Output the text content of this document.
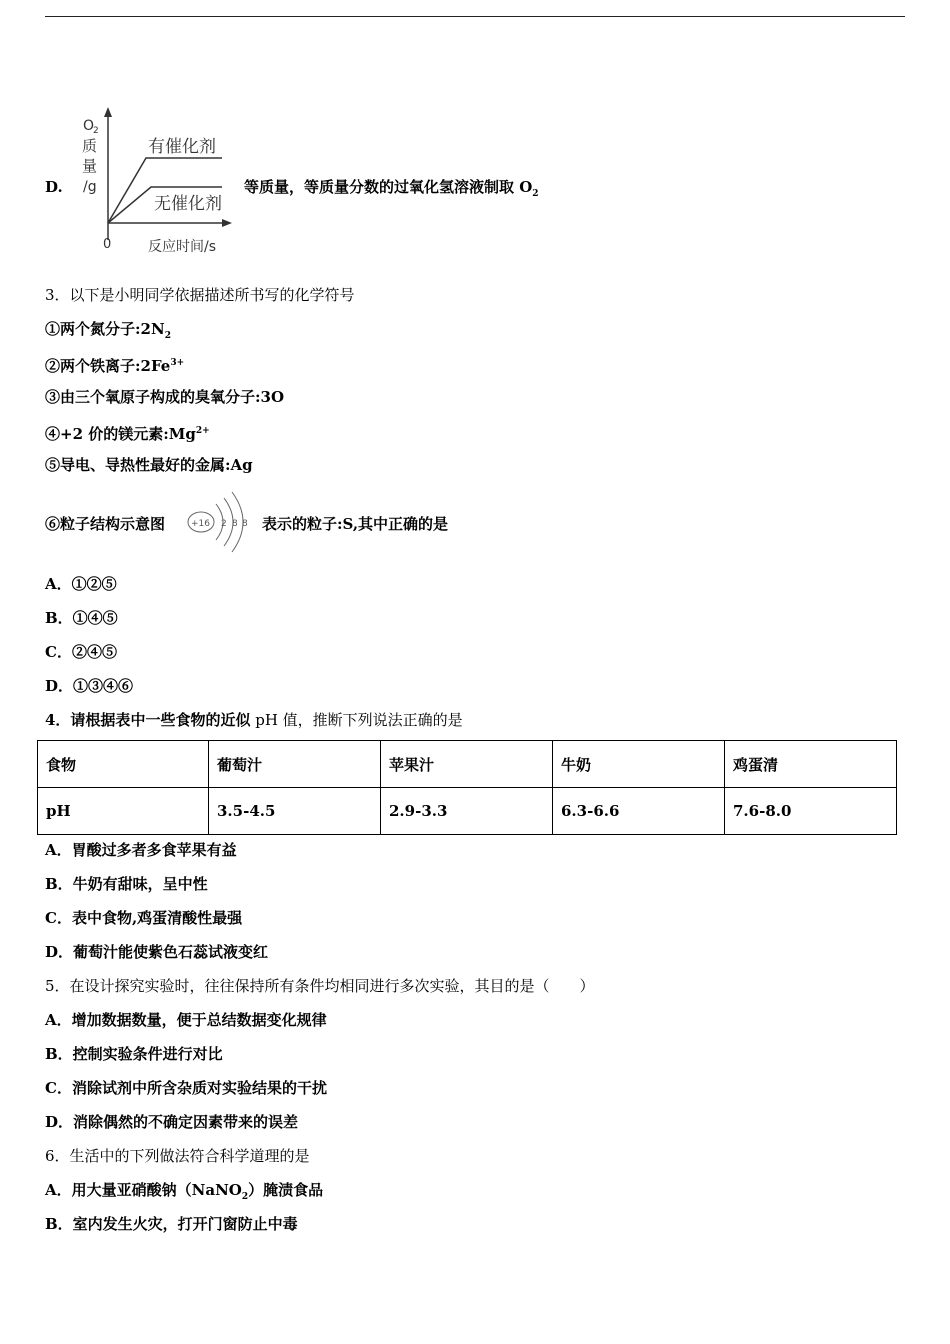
D.
O
2
质
量
/g
0	反应时间/s
有催化剂
无催化剂
等质量，等质量分数的过氧化氢溶液制取 $O_2$
3．以下是小明同学依据描述所书写的化学符号
①两个氮分子$:2N_2$
②两个铁离子$:2Fe^{3+}$
③由三个氧原子构成的臭氧分子:3O
④+2 价的镁元素$:Mg^{2+}$
⑤导电、导热性最好的金属:Ag
⑥粒子结构示意图	+16 2 8 8 表示的粒子:S,其中正确的是
A．①②⑤
B．①④⑤
C．②④⑤
D．①③④⑥
4．请根据表中一些食物的近似 pH 值，推断下列说法正确的是
食物	葡萄汁	苹果汁	牛奶	鸡蛋清
pH	3.5-4.5	2.9-3.3	6.3-6.6	7.6-8.0
A．胃酸过多者多食苹果有益
B．牛奶有甜味，呈中性
C．表中食物,鸡蛋清酸性最强
D．葡萄汁能使紫色石蕊试液变红
5．在设计探究实验时，往往保持所有条件均相同进行多次实验，其目的是（　　）
A．增加数据数量，便于总结数据变化规律
B．控制实验条件进行对比
C．消除试剂中所含杂质对实验结果的干扰
D．消除偶然的不确定因素带来的误差
6．生活中的下列做法符合科学道理的是
A．用大量亚硝酸钠（NaNO$_2$）腌渍食品
B．室内发生火灾，打开门窗防止中毒
